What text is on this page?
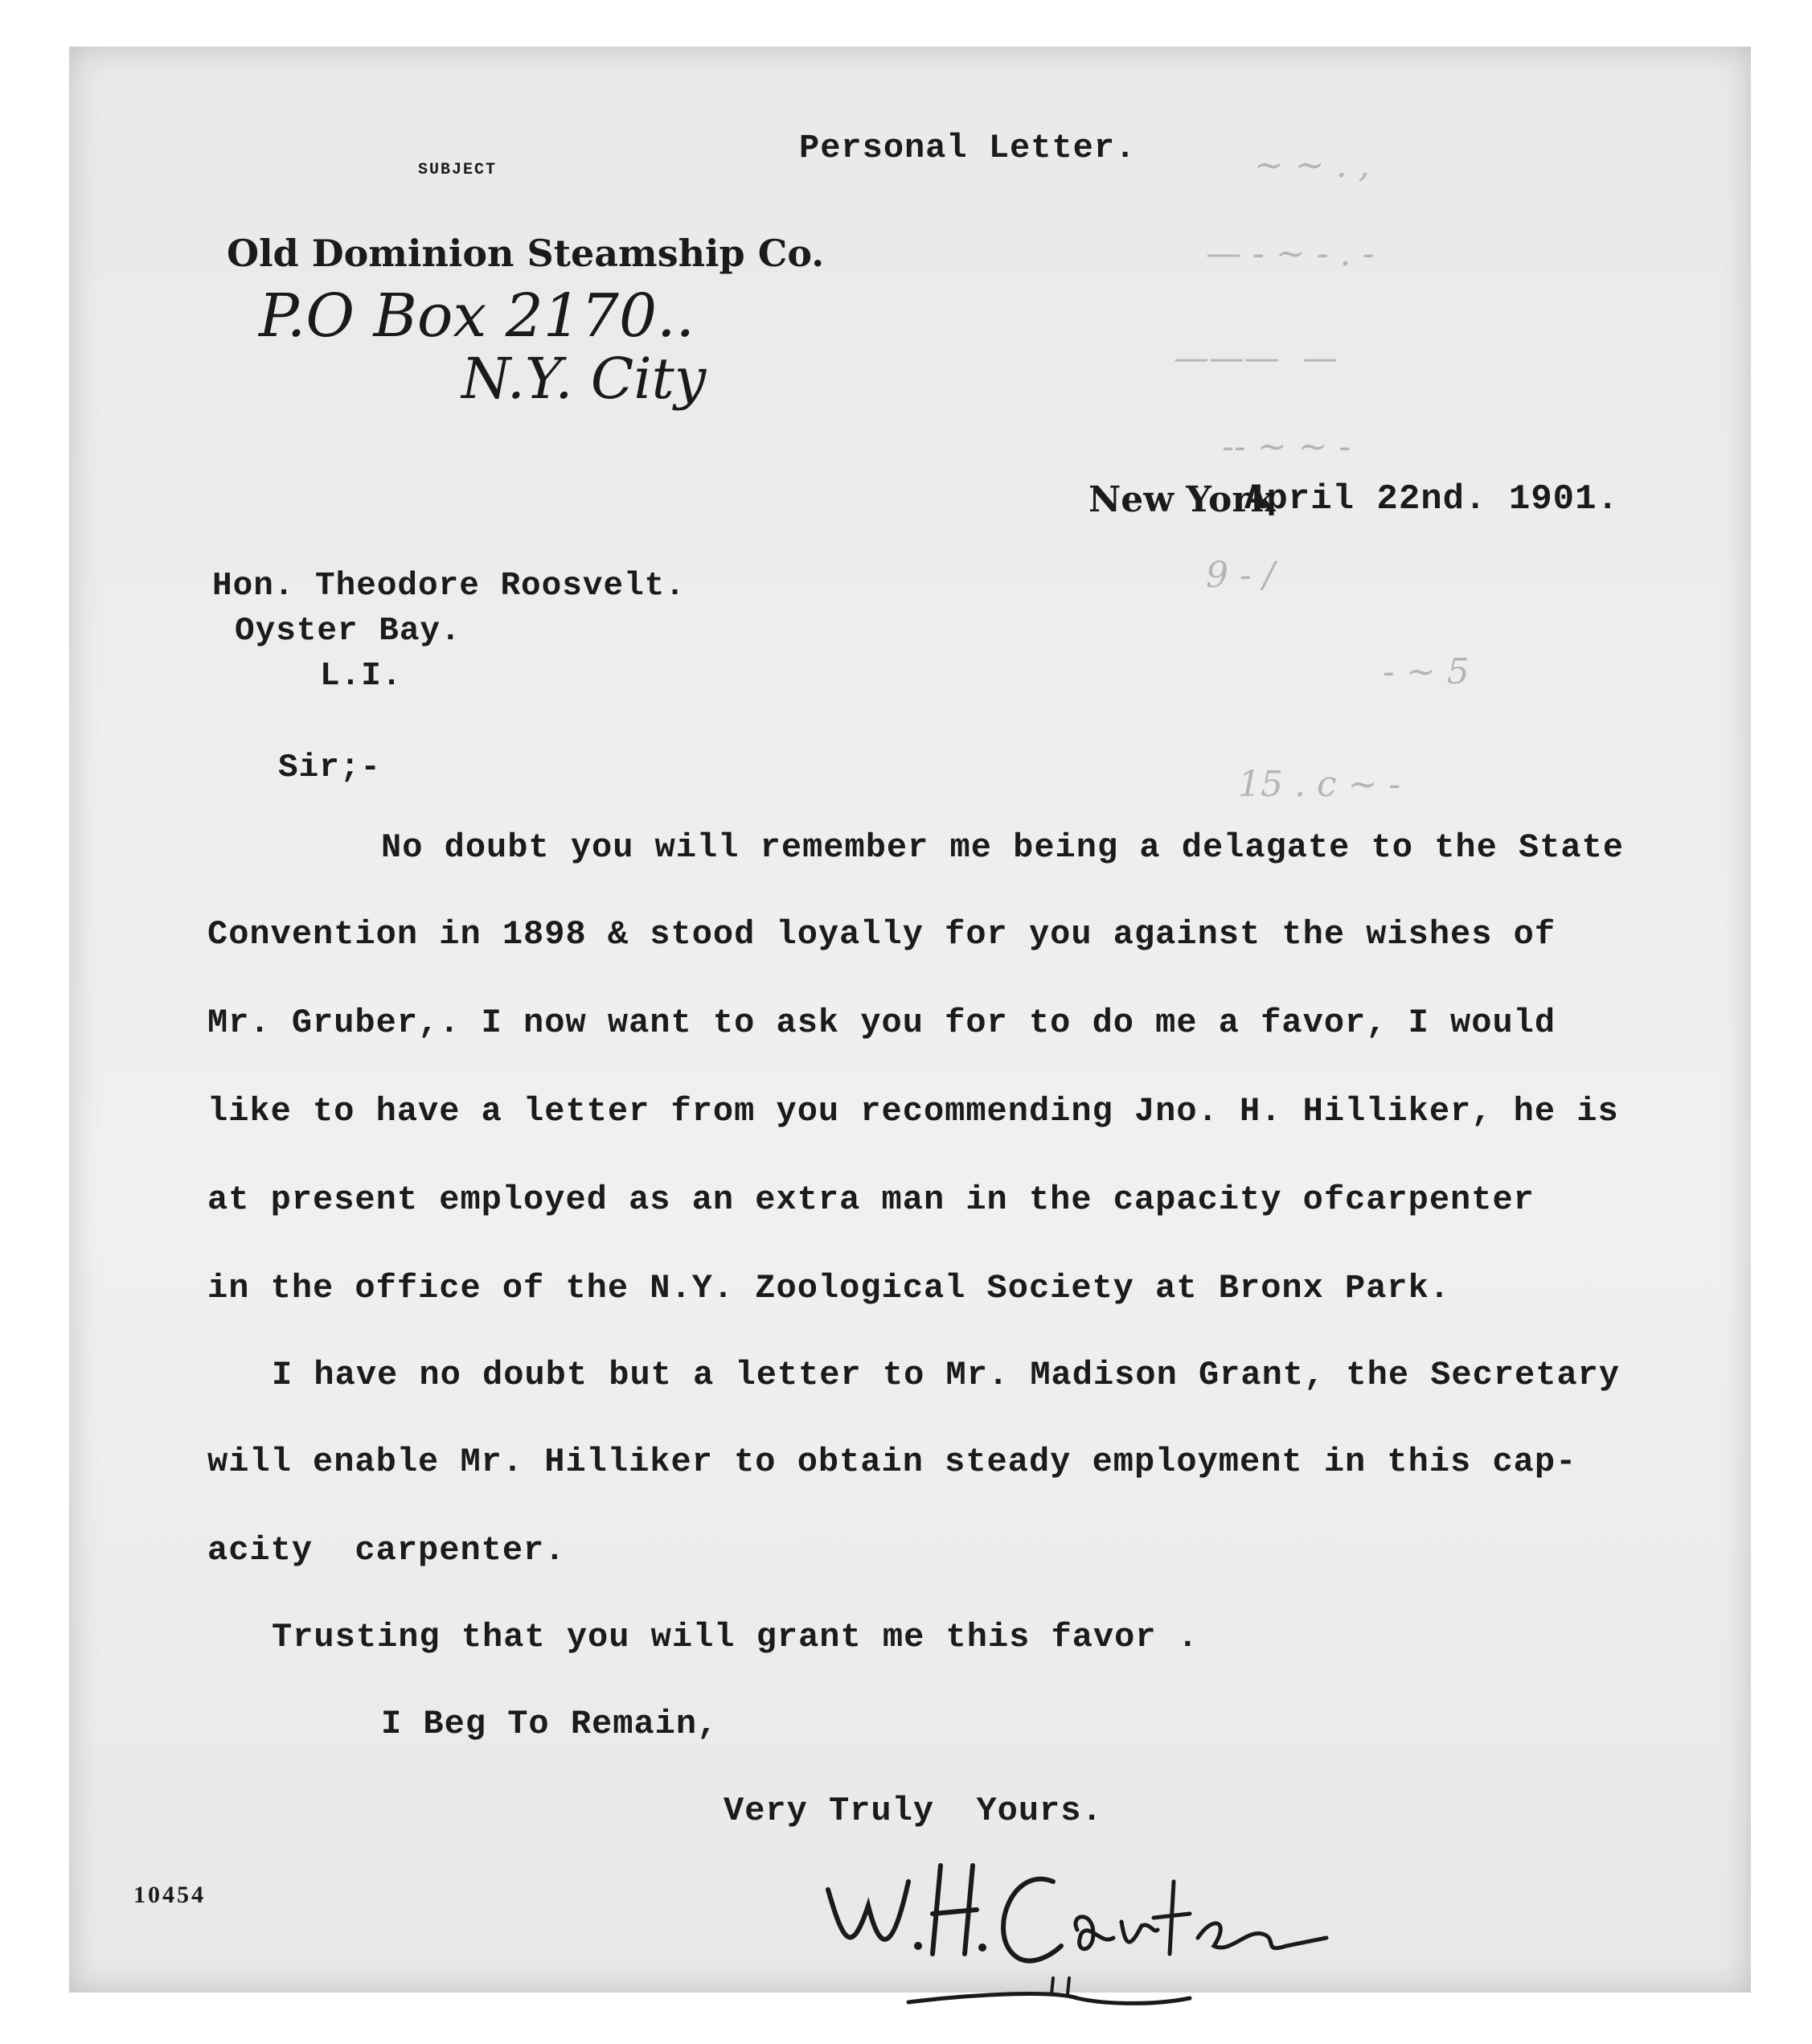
~ ~ . ,
— - ~ - . -
———  —
-- ~ ~ -
9 - /
- ~ 5
15 . c ~ -
SUBJECT
Personal Letter.
Old Dominion Steamship Co.
P.O Box 2170..
N.Y. City
New York
April 22nd. 1901.
Hon. Theodore Roosvelt.
Oyster Bay.
L.I.
Sir;-
No doubt you will remember me being a delagate to the State
Convention in 1898 & stood loyally for you against the wishes of
Mr. Gruber,. I now want to ask you for to do me a favor, I would
like to have a letter from you recommending Jno. H. Hilliker, he is
at present employed as an extra man in the capacity ofcarpenter
in the office of the N.Y. Zoological Society at Bronx Park.
I have no doubt but a letter to Mr. Madison Grant, the Secretary
will enable Mr. Hilliker to obtain steady employment in this cap-
acity  carpenter.
Trusting that you will grant me this favor .
I Beg To Remain,
Very Truly  Yours.
10454
